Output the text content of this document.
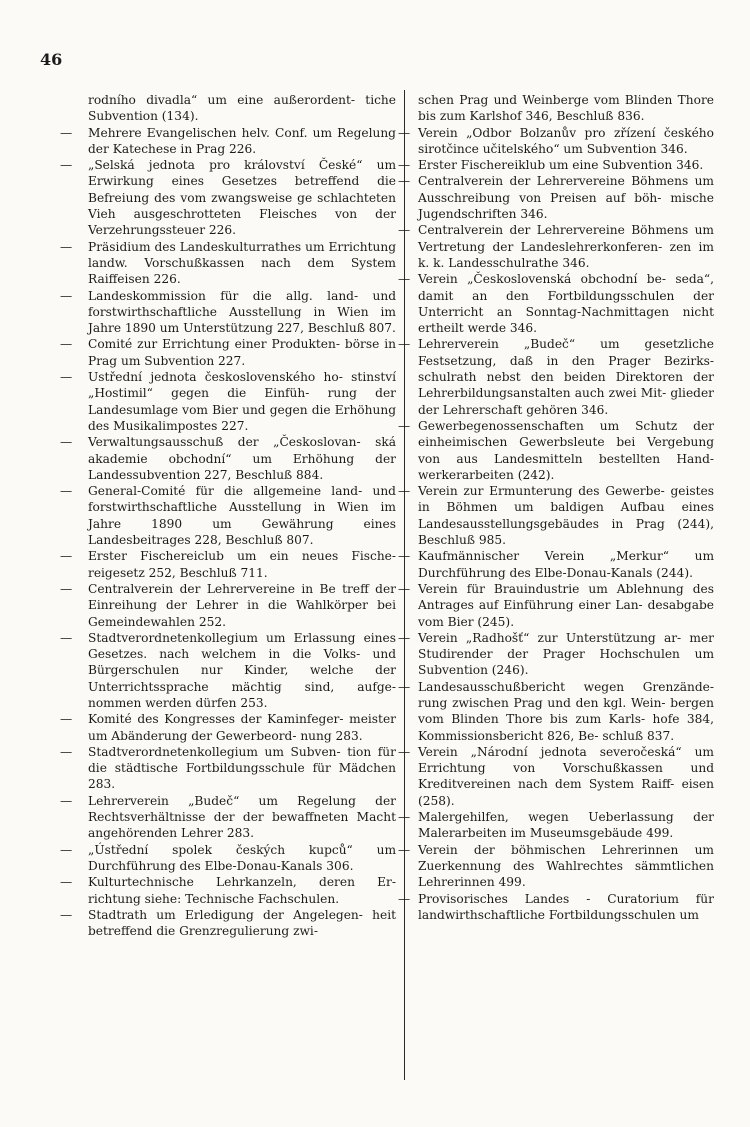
46

rodního divadla“ um eine außerordent- tiche Subvention (134).

— Mehrere Evangelischen helv. Conf. um Regelung der Katechese in Prag 226.

— „Selská jednota pro království České“ um Erwirkung eines Gesetzes betreffend die Befreiung des vom zwangsweise ge schlachteten Vieh ausgeschrotteten Fleisches von der Verzehrungssteuer 226.

— Präsidium des Landeskulturrathes um Errichtung landw. Vorschußkassen nach dem System Raiffeisen 226.

— Landeskommission für die allg. land- und forstwirthschaftliche Ausstellung in Wien im Jahre 1890 um Unterstützung 227, Beschluß 807.

— Comité zur Errichtung einer Produkten- börse in Prag um Subvention 227.

— Ustřední jednota československého ho- stinství „Hostimil“ gegen die Einfüh- rung der Landesumlage vom Bier und gegen die Erhöhung des Musikalimpostes 227.

— Verwaltungsausschuß der „Českoslovan- ská akademie obchodní“ um Erhöhung der Landessubvention 227, Beschluß 884.

— General-Comité für die allgemeine land- und forstwirthschaftliche Ausstellung in Wien im Jahre 1890 um Gewährung eines Landesbeitrages 228, Beschluß 807.

— Erster Fischereiclub um ein neues Fische- reigesetz 252, Beschluß 711.

— Centralverein der Lehrervereine in Be treff der Einreihung der Lehrer in die Wahlkörper bei Gemeindewahlen 252.

— Stadtverordnetenkollegium um Erlassung eines Gesetzes. nach welchem in die Volks- und Bürgerschulen nur Kinder, welche der Unterrichtssprache mächtig sind, aufge- nommen werden dürfen 253.

— Komité des Kongresses der Kaminfeger- meister um Abänderung der Gewerbeord- nung 283.

— Stadtverordnetenkollegium um Subven- tion für die städtische Fortbildungsschule für Mädchen 283.

— Lehrerverein „Budeč“ um Regelung der Rechtsverhältnisse der der bewaffneten Macht angehörenden Lehrer 283.

— „Ústřední spolek českých kupců“ um Durchführung des Elbe-Donau-Kanals 306.

— Kulturtechnische Lehrkanzeln, deren Er- richtung siehe: Technische Fachschulen.

— Stadtrath um Erledigung der Angelegen- heit betreffend die Grenzregulierung zwi-

schen Prag und Weinberge vom Blinden Thore bis zum Karlshof 346, Beschluß 836.

— Verein „Odbor Bolzanův pro zřízení českého sirotčince učitelského“ um Subvention 346.

— Erster Fischereiklub um eine Subvention 346.

— Centralverein der Lehrervereine Böhmens um Ausschreibung von Preisen auf böh- mische Jugendschriften 346.

— Centralverein der Lehrervereine Böhmens um Vertretung der Landeslehrerkonferen- zen im k. k. Landesschulrathe 346.

— Verein „Československá obchodní be- seda“, damit an den Fortbildungsschulen der Unterricht an Sonntag-Nachmittagen nicht ertheilt werde 346.

— Lehrerverein „Budeč“ um gesetzliche Festsetzung, daß in den Prager Bezirks- schulrath nebst den beiden Direktoren der Lehrerbildungsanstalten auch zwei Mit- glieder der Lehrerschaft gehören 346.

— Gewerbegenossenschaften um Schutz der einheimischen Gewerbsleute bei Vergebung von aus Landesmitteln bestellten Hand- werkerarbeiten (242).

— Verein zur Ermunterung des Gewerbe- geistes in Böhmen um baldigen Aufbau eines Landesausstellungsgebäudes in Prag (244), Beschluß 985.

— Kaufmännischer Verein „Merkur“ um Durchführung des Elbe-Donau-Kanals (244).

— Verein für Brauindustrie um Ablehnung des Antrages auf Einführung einer Lan- desabgabe vom Bier (245).

— Verein „Radhošť“ zur Unterstützung ar- mer Studirender der Prager Hochschulen um Subvention (246).

— Landesausschußbericht wegen Grenzände- rung zwischen Prag und den kgl. Wein- bergen vom Blinden Thore bis zum Karls- hofe 384, Kommissionsbericht 826, Be- schluß 837.

— Verein „Národní jednota severočeská“ um Errichtung von Vorschußkassen und Kreditvereinen nach dem System Raiff- eisen (258).

— Malergehilfen, wegen Ueberlassung der Malerarbeiten im Museumsgebäude 499.

— Verein der böhmischen Lehrerinnen um Zuerkennung des Wahlrechtes sämmtlichen Lehrerinnen 499.

— Provisorisches Landes - Curatorium für landwirthschaftliche Fortbildungsschulen um
